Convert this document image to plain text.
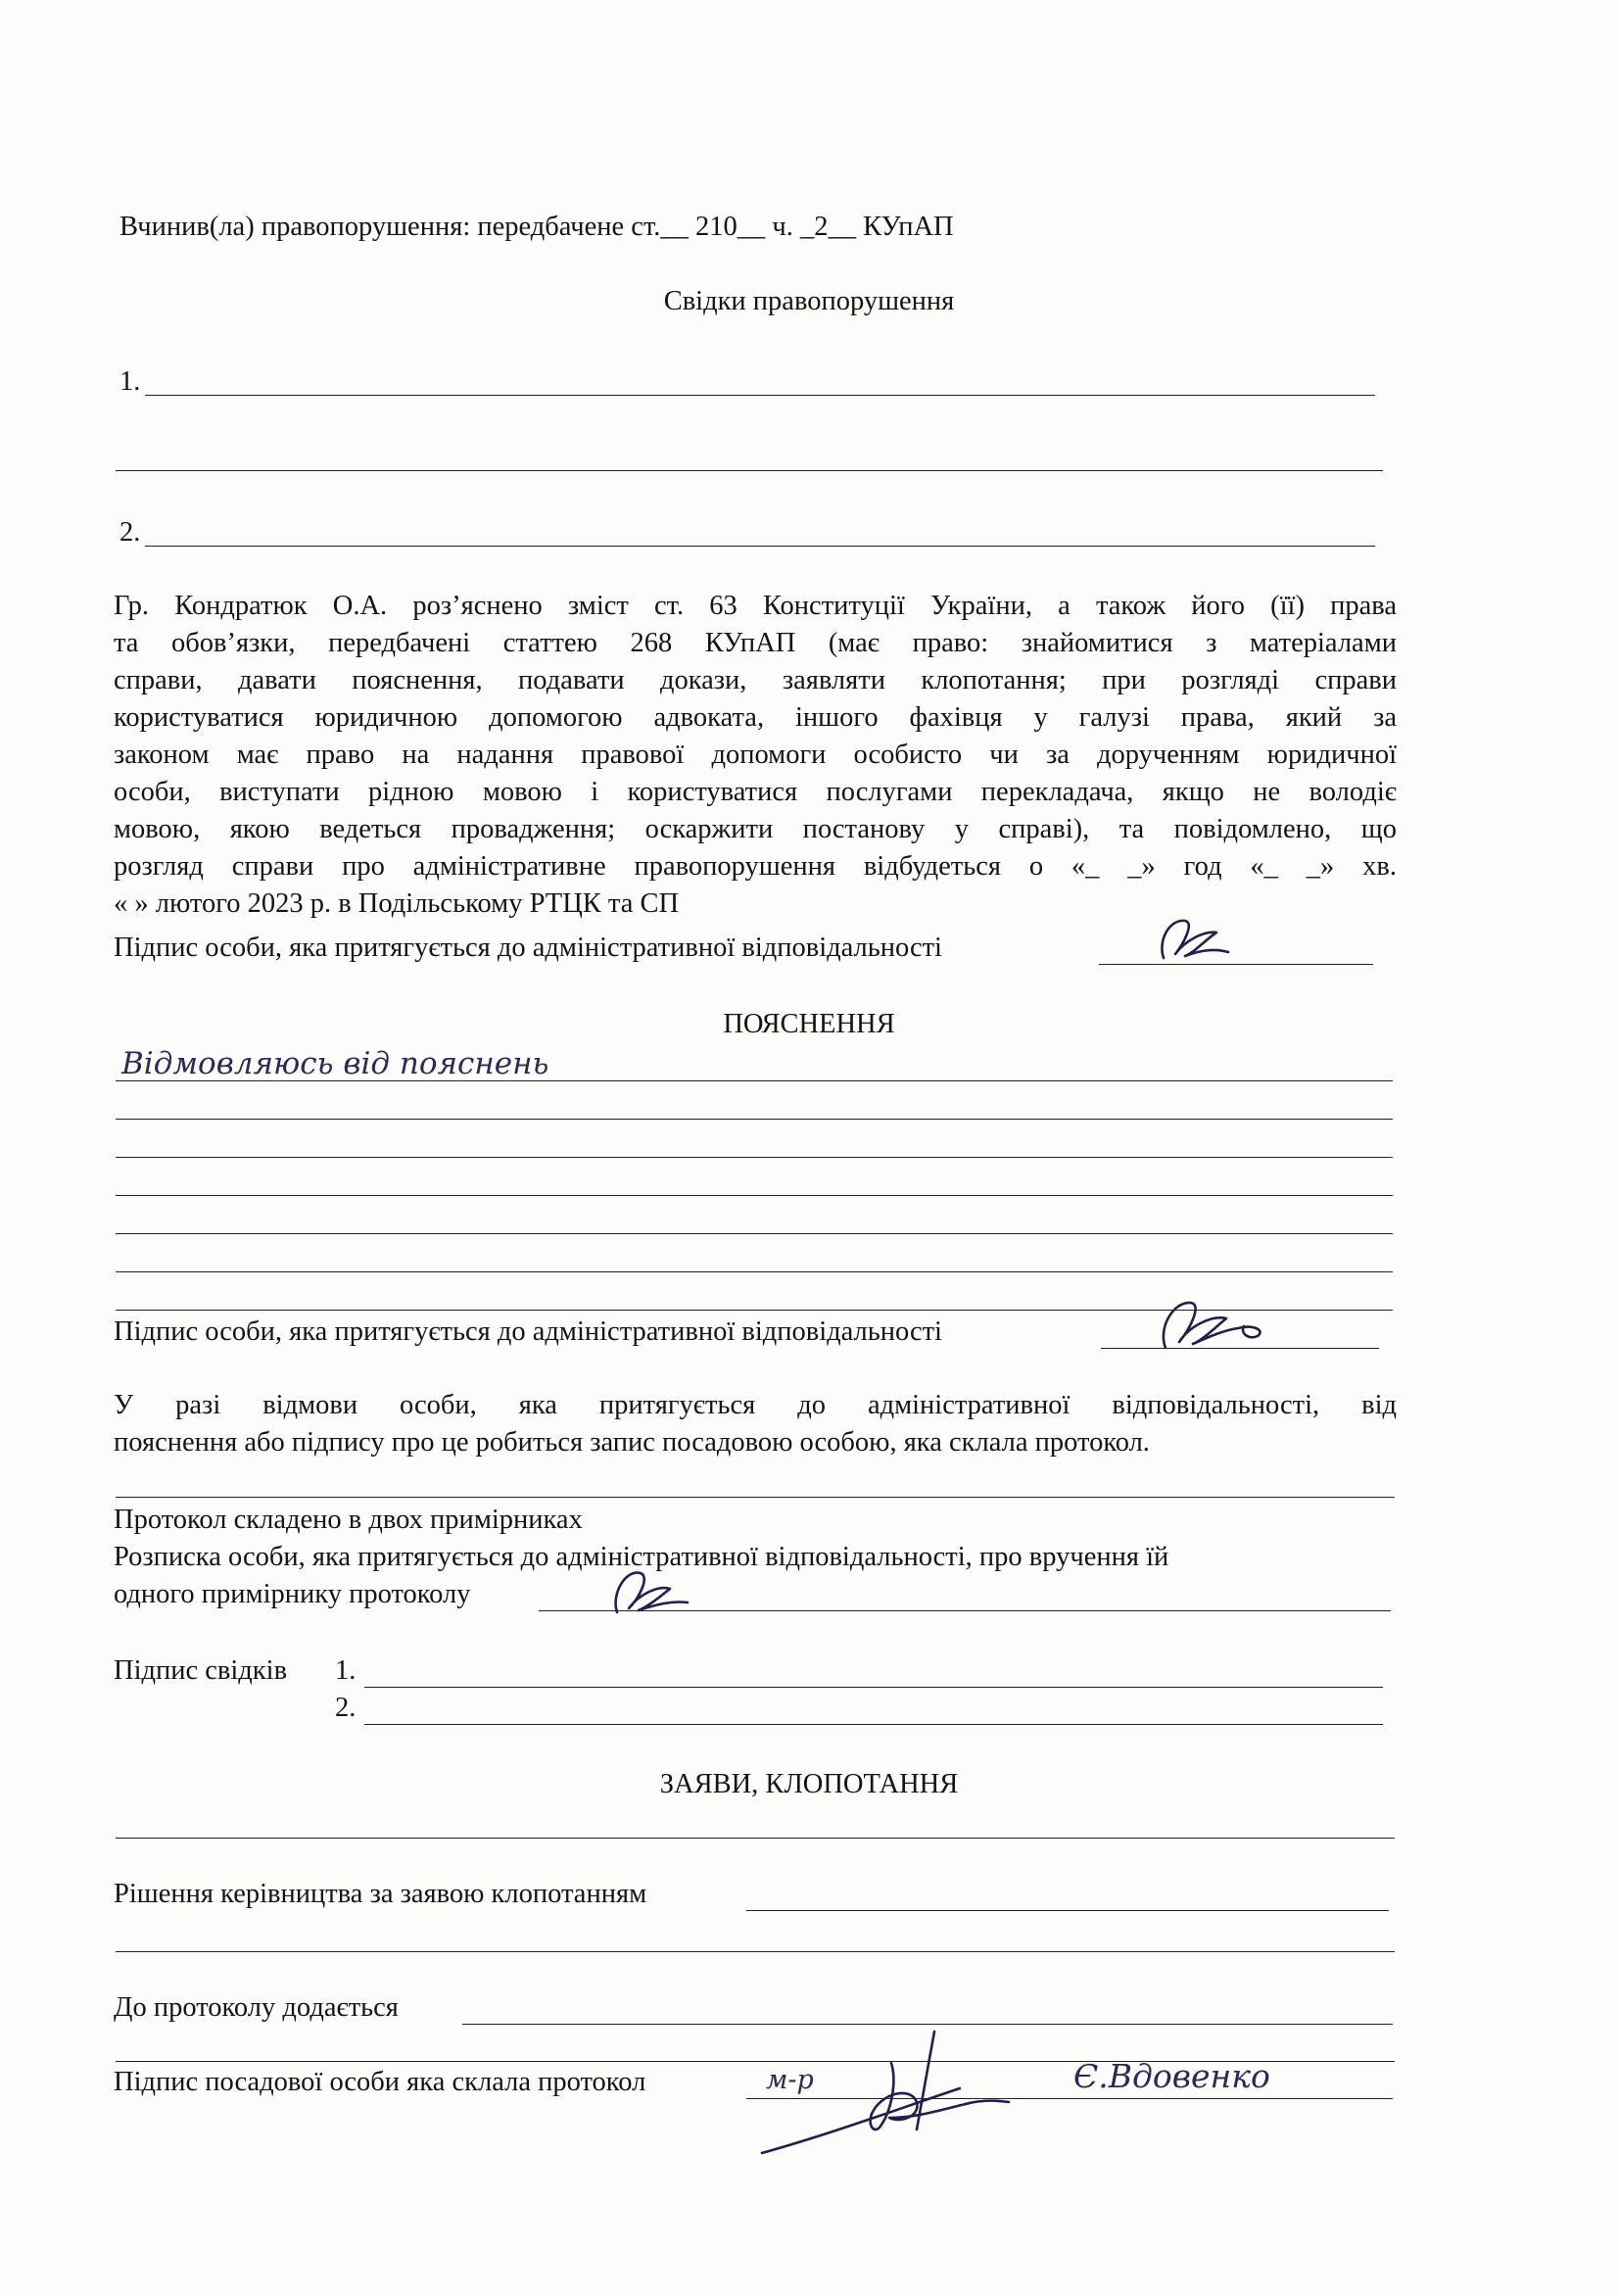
Вчинив(ла) правопорушення: передбачене ст.__ 210__ ч. _2__ КУпАП
Свідки правопорушення
1.
2.
Гр. Кондратюк О.А. роз’яснено зміст ст. 63 Конституції України, а також його (її) права
та обов’язки, передбачені статтею 268 КУпАП (має право: знайомитися з матеріалами
справи, давати пояснення, подавати докази, заявляти клопотання; при розгляді справи
користуватися юридичною допомогою адвоката, іншого фахівця у галузі права, який за
законом має право на надання правової допомоги особисто чи за дорученням юридичної
особи, виступати рідною мовою і користуватися послугами перекладача, якщо не володіє
мовою, якою ведеться провадження; оскаржити постанову у справі), та повідомлено, що
розгляд справи про адміністративне правопорушення відбудеться о «_ _» год «_ _» хв.
« » лютого 2023 р. в Подільському РТЦК та СП
Підпис особи, яка притягується до адміністративної відповідальності
ПОЯСНЕННЯ
Відмовляюсь від пояснень
Підпис особи, яка притягується до адміністративної відповідальності
У разі відмови особи, яка притягується до адміністративної відповідальності, від
пояснення або підпису про це робиться запис посадовою особою, яка склала протокол.
Протокол складено в двох примірниках
Розписка особи, яка притягується до адміністративної відповідальності, про вручення їй
одного примірнику протоколу
Підпис свідків 1.
2.
ЗАЯВИ, КЛОПОТАННЯ
Рішення керівництва за заявою клопотанням
До протоколу додається
Підпис посадової особи яка склала протокол	м-р	Є.Вдовенко
